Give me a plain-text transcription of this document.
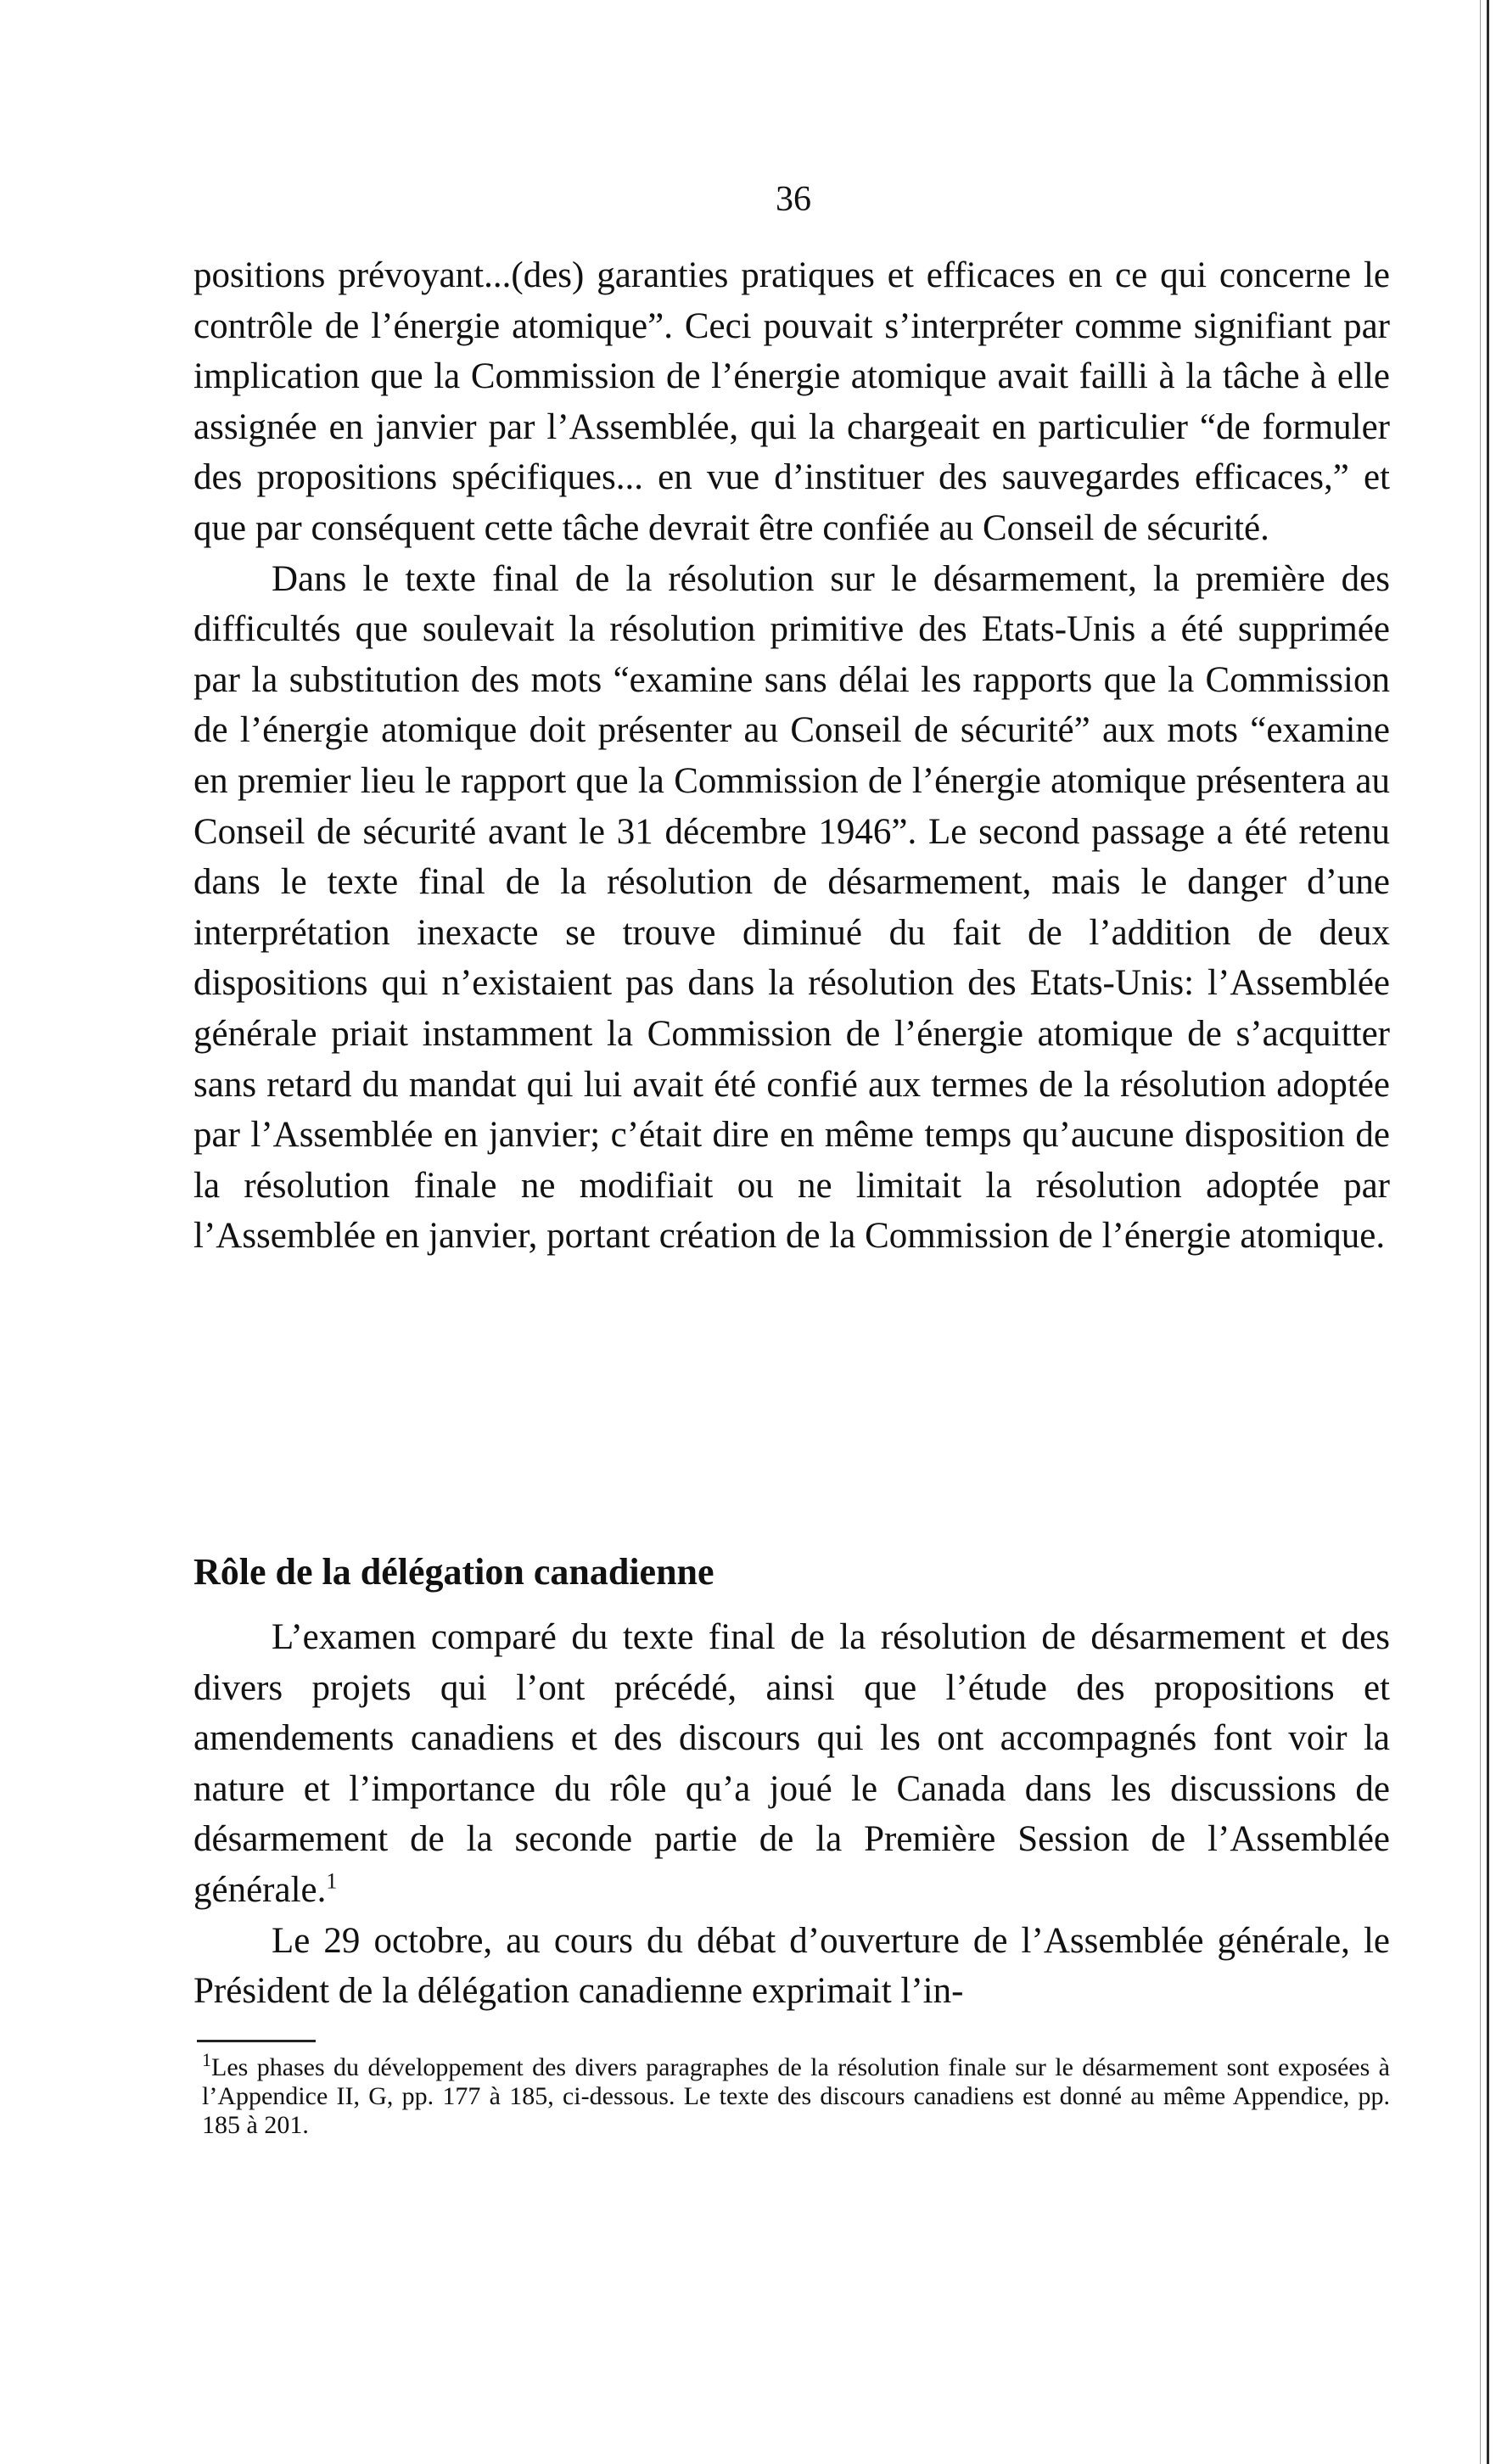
36

positions prévoyant...(des) garanties pratiques et efficaces en ce qui concerne le contrôle de l’énergie atomique”. Ceci pouvait s’interpréter comme signifiant par implication que la Commission de l’énergie atomique avait failli à la tâche à elle assignée en janvier par l’Assemblée, qui la chargeait en particulier “de formuler des propositions spécifiques... en vue d’instituer des sauvegardes efficaces,” et que par conséquent cette tâche devrait être confiée au Conseil de sécurité.

Dans le texte final de la résolution sur le désarmement, la première des difficultés que soulevait la résolution primitive des Etats-Unis a été supprimée par la substitution des mots “examine sans délai les rapports que la Commission de l’énergie atomique doit présenter au Conseil de sécurité” aux mots “examine en premier lieu le rapport que la Commission de l’énergie atomique présentera au Conseil de sécurité avant le 31 décembre 1946”. Le second passage a été retenu dans le texte final de la résolution de désarmement, mais le danger d’une interprétation inexacte se trouve diminué du fait de l’addition de deux dispositions qui n’existaient pas dans la résolution des Etats-Unis: l’Assemblée générale priait instamment la Commission de l’énergie atomique de s’acquitter sans retard du mandat qui lui avait été confié aux termes de la résolution adoptée par l’Assemblée en janvier; c’était dire en même temps qu’aucune disposition de la résolution finale ne modifiait ou ne limitait la résolution adoptée par l’Assemblée en janvier, portant création de la Commission de l’énergie atomique.

Rôle de la délégation canadienne

L’examen comparé du texte final de la résolution de désarmement et des divers projets qui l’ont précédé, ainsi que l’étude des propositions et amendements canadiens et des discours qui les ont accompagnés font voir la nature et l’importance du rôle qu’a joué le Canada dans les discussions de désarmement de la seconde partie de la Première Session de l’Assemblée générale.$^1$

Le 29 octobre, au cours du débat d’ouverture de l’Assemblée générale, le Président de la délégation canadienne exprimait l’in-

$^1$Les phases du développement des divers paragraphes de la résolution finale sur le désarmement sont exposées à l’Appendice II, G, pp. 177 à 185, ci-dessous. Le texte des discours canadiens est donné au même Appendice, pp. 185 à 201.
